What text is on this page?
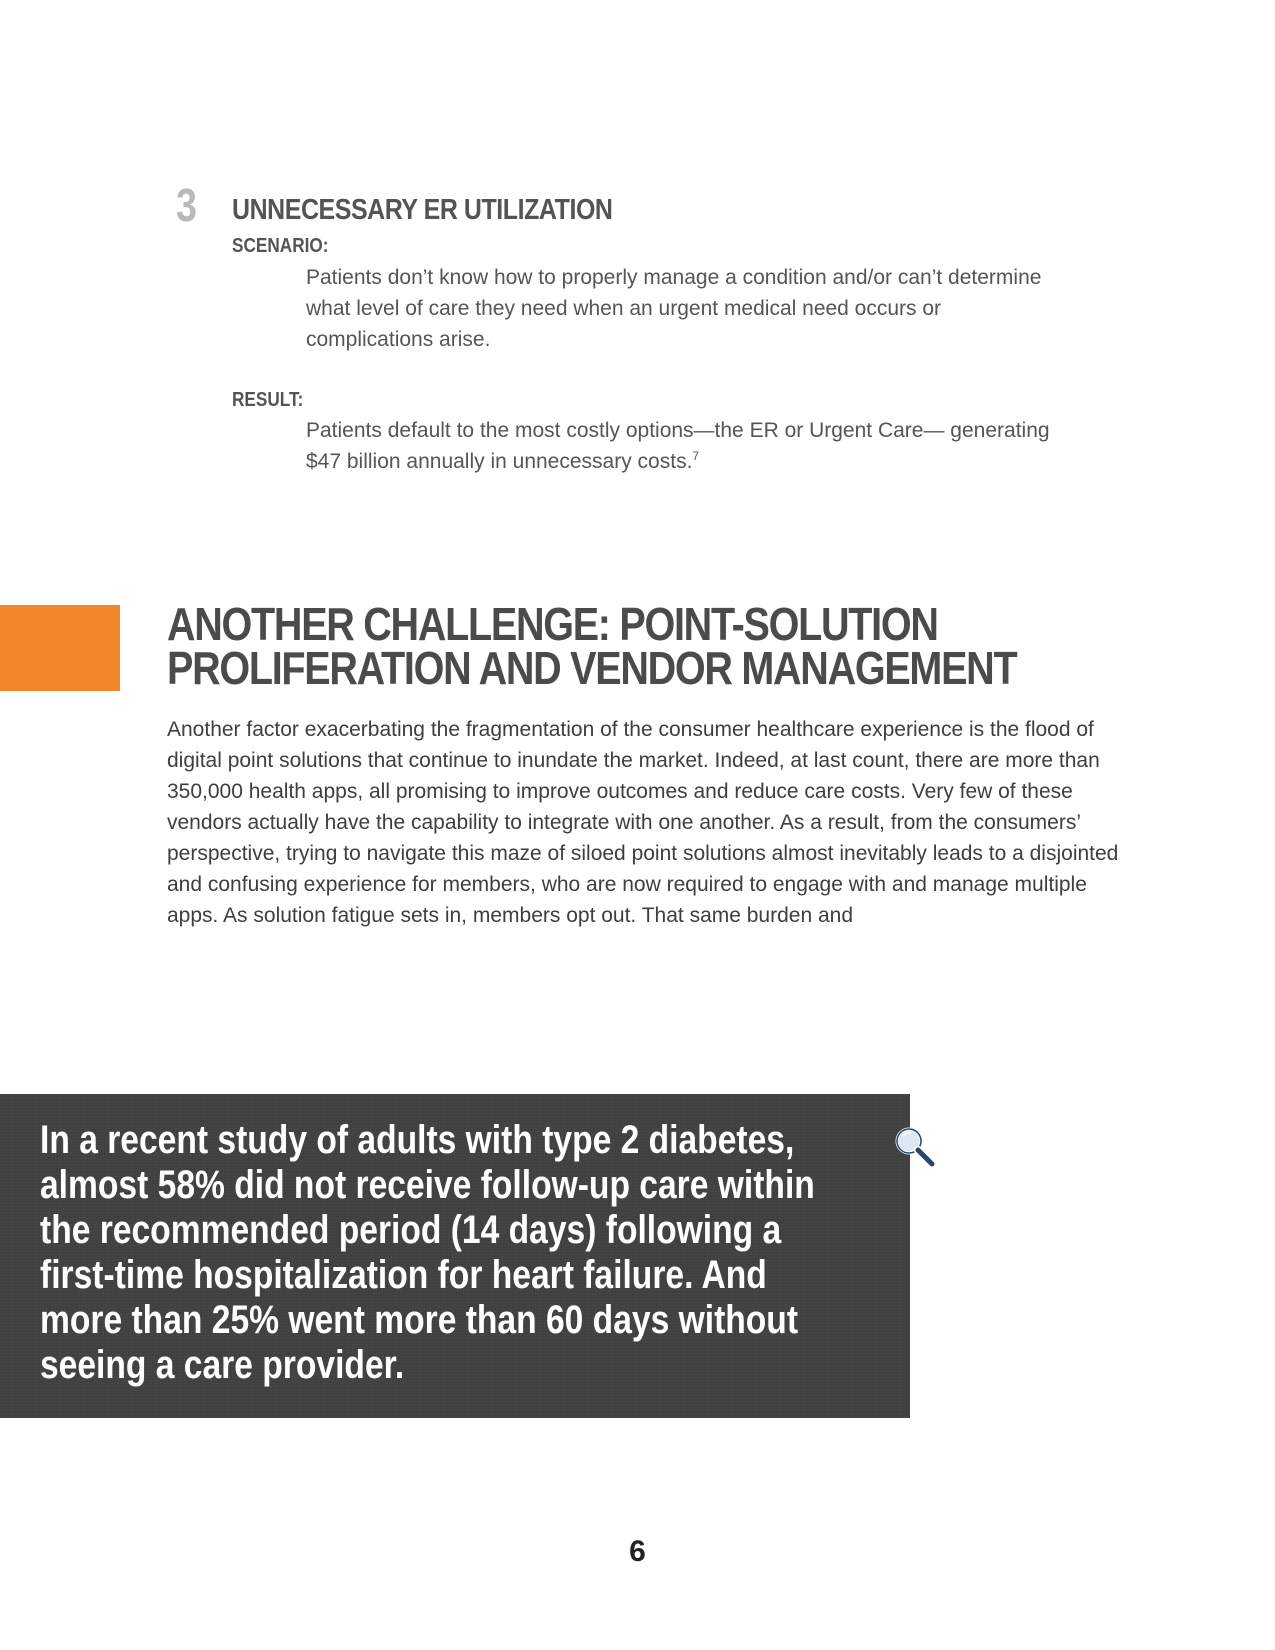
3 UNNECESSARY ER UTILIZATION
SCENARIO:

Patients don’t know how to properly manage a condition and/or can’t determine what level of care they need when an urgent medical need occurs or complications arise.

RESULT:

Patients default to the most costly options—the ER or Urgent Care— generating $47 billion annually in unnecessary costs.$^7$

ANOTHER CHALLENGE: POINT-SOLUTION
PROLIFERATION AND VENDOR MANAGEMENT

Another factor exacerbating the fragmentation of the consumer healthcare experience is the flood of digital point solutions that continue to inundate the market. Indeed, at last count, there are more than 350,000 health apps, all promising to improve outcomes and reduce care costs. Very few of these vendors actually have the capability to integrate with one another. As a result, from the consumers’ perspective, trying to navigate this maze of siloed point solutions almost inevitably leads to a disjointed and confusing experience for members, who are now required to engage with and manage multiple apps. As solution fatigue sets in, members opt out. That same burden and

In a recent study of adults with type 2 diabetes,
almost 58% did not receive follow-up care within
the recommended period (14 days) following a
first-time hospitalization for heart failure. And
more than 25% went more than 60 days without
seeing a care provider.

6
